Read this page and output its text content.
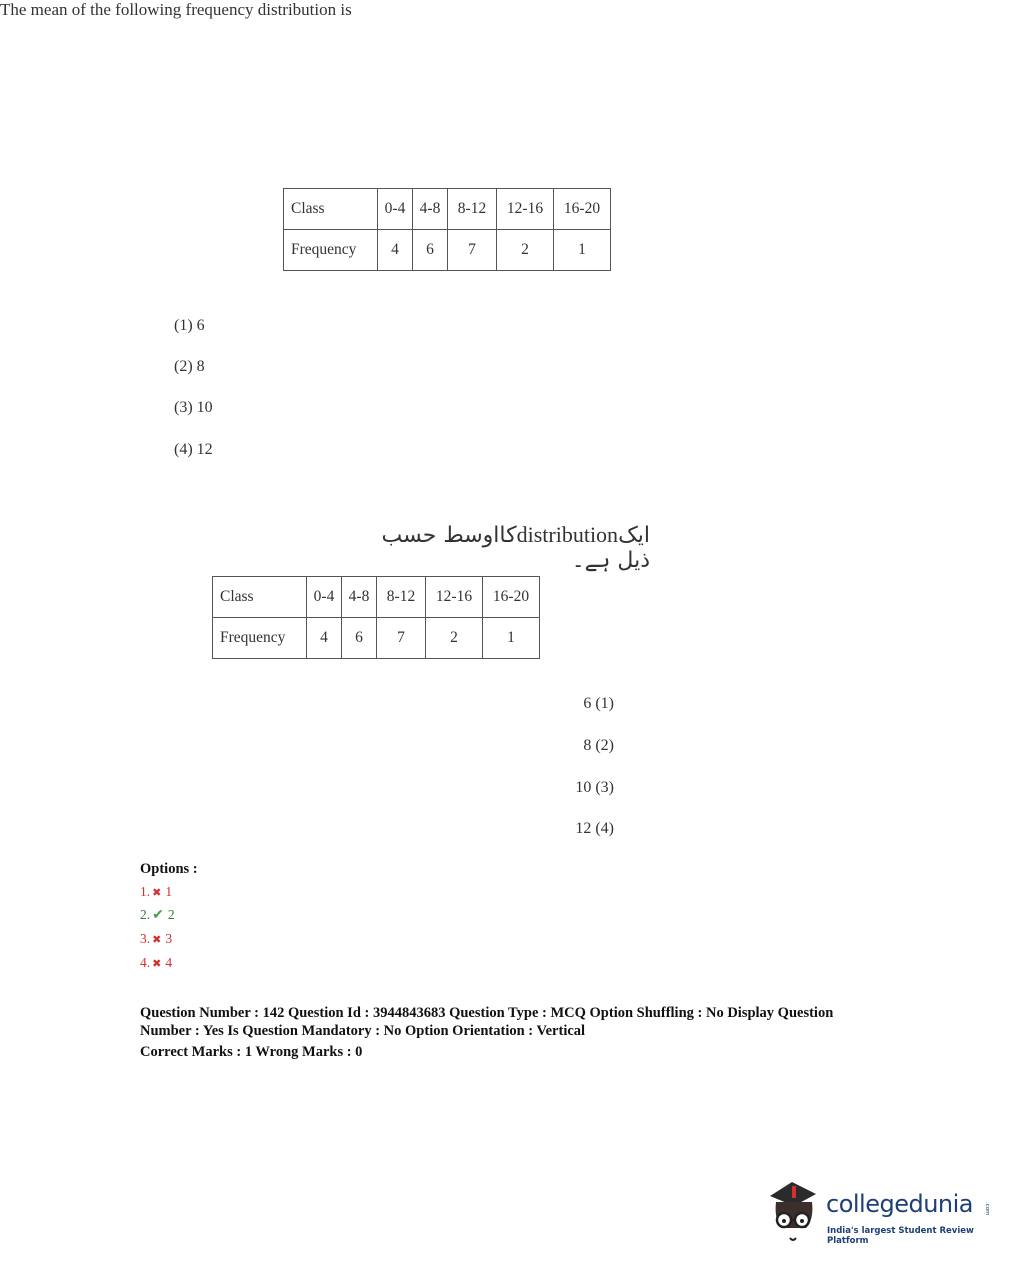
The mean of the following frequency distribution is
Class	0-4	4-8	8-12	12-16	16-20
Frequency	4	6	7	2	1
(1) 6
(2) 8
(3) 10
(4) 12
ایکdistributionکااوسط حسب ذیل ہے۔
Class	0-4	4-8	8-12	12-16	16-20
Frequency	4	6	7	2	1
6 (1)
8 (2)
10 (3)
12 (4)
Options :
1. ✖ 1
2. ✔ 2
3. ✖ 3
4. ✖ 4
Question Number : 142 Question Id : 3944843683 Question Type : MCQ Option Shuffling : No Display Question
Number : Yes Is Question Mandatory : No Option Orientation : Vertical
Correct Marks : 1 Wrong Marks : 0
collegedunia .com
India's largest Student Review Platform
